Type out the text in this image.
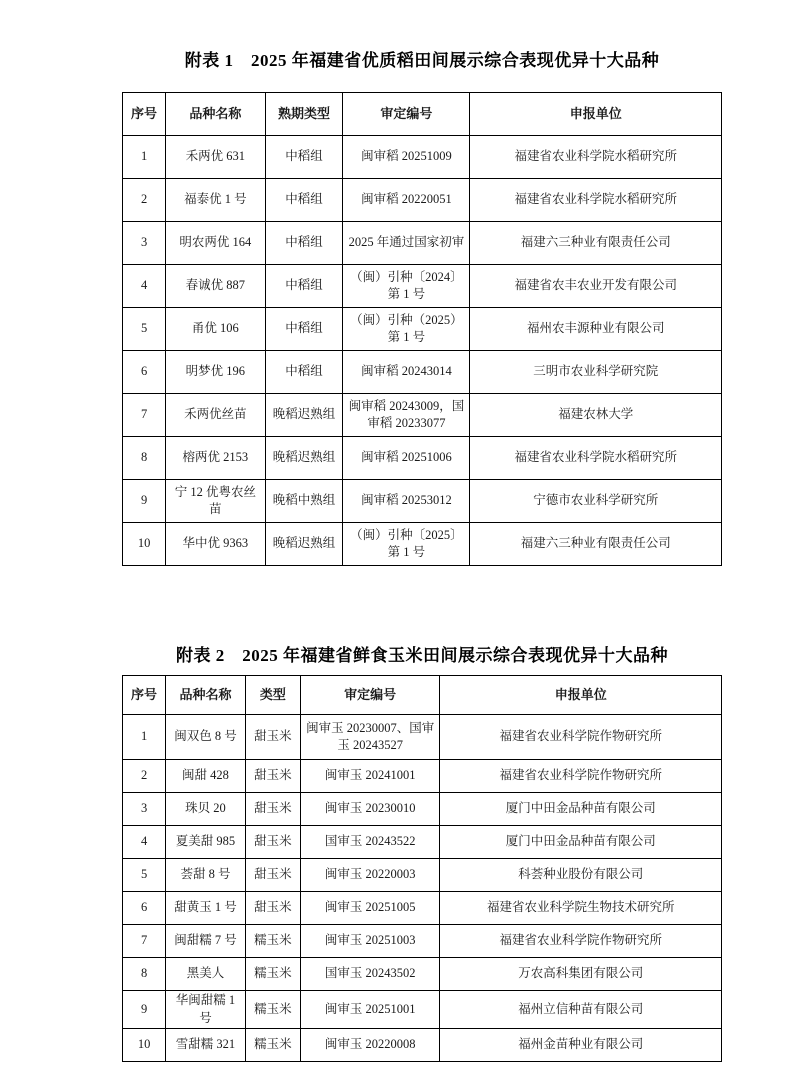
附表 1　2025 年福建省优质稻田间展示综合表现优异十大品种
序号	品种名称	熟期类型	审定编号	申报单位
1	禾两优 631	中稻组	闽审稻 20251009	福建省农业科学院水稻研究所
2	福泰优 1 号	中稻组	闽审稻 20220051	福建省农业科学院水稻研究所
3	明农两优 164	中稻组	2025 年通过国家初审	福建六三种业有限责任公司
4	春诚优 887	中稻组	（闽）引种〔2024〕第 1 号	福建省农丰农业开发有限公司
5	甬优 106	中稻组	（闽）引种（2025）第 1 号	福州农丰源种业有限公司
6	明梦优 196	中稻组	闽审稻 20243014	三明市农业科学研究院
7	禾两优丝苗	晚稻迟熟组	闽审稻 20243009，国审稻 20233077	福建农林大学
8	榕两优 2153	晚稻迟熟组	闽审稻 20251006	福建省农业科学院水稻研究所
9	宁 12 优粤农丝苗	晚稻中熟组	闽审稻 20253012	宁德市农业科学研究所
10	华中优 9363	晚稻迟熟组	（闽）引种〔2025〕第 1 号	福建六三种业有限责任公司
附表 2　2025 年福建省鲜食玉米田间展示综合表现优异十大品种
序号	品种名称	类型	审定编号	申报单位
1	闽双色 8 号	甜玉米	闽审玉 20230007、国审玉 20243527	福建省农业科学院作物研究所
2	闽甜 428	甜玉米	闽审玉 20241001	福建省农业科学院作物研究所
3	珠贝 20	甜玉米	闽审玉 20230010	厦门中田金品种苗有限公司
4	夏美甜 985	甜玉米	国审玉 20243522	厦门中田金品种苗有限公司
5	荟甜 8 号	甜玉米	闽审玉 20220003	科荟种业股份有限公司
6	甜黄玉 1 号	甜玉米	闽审玉 20251005	福建省农业科学院生物技术研究所
7	闽甜糯 7 号	糯玉米	闽审玉 20251003	福建省农业科学院作物研究所
8	黑美人	糯玉米	国审玉 20243502	万农高科集团有限公司
9	华闽甜糯 1 号	糯玉米	闽审玉 20251001	福州立信种苗有限公司
10	雪甜糯 321	糯玉米	闽审玉 20220008	福州金苗种业有限公司
